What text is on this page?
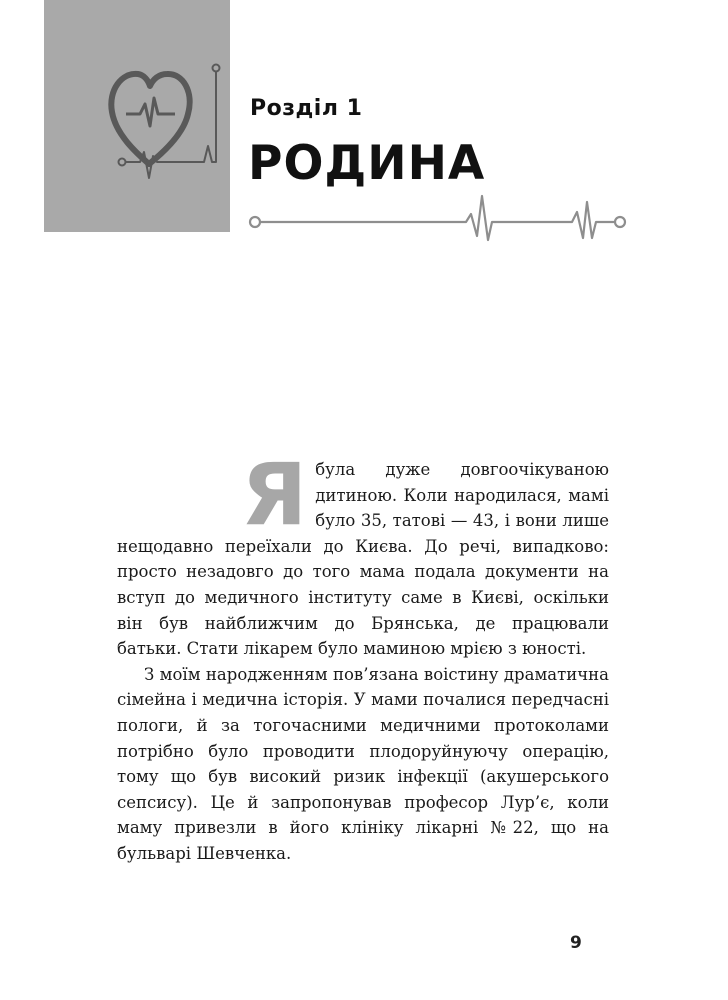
Розділ 1
РОДИНА

Я була дуже довгоочікуваною дитиною. Коли народилася, мамі було 35, татові — 43, і вони лише нещодавно переїхали до Києва. До речі, випадково: просто незадовго до того мама подала документи на вступ до медичного інституту саме в Києві, оскільки він був найближчим до Брянська, де працювали батьки. Стати лікарем було маминою мрією з юності.

З моїм народженням пов’язана воістину драматична сімейна і медична історія. У мами почалися передчасні пологи, й за тогочасними медичними протоколами потрібно було проводити плодоруйнуючу операцію, тому що був високий ризик інфекції (акушерського сепсису). Це й запропонував професор Лур’є, коли маму привезли в його клініку лікарні №22, що на бульварі Шевченка.

9
